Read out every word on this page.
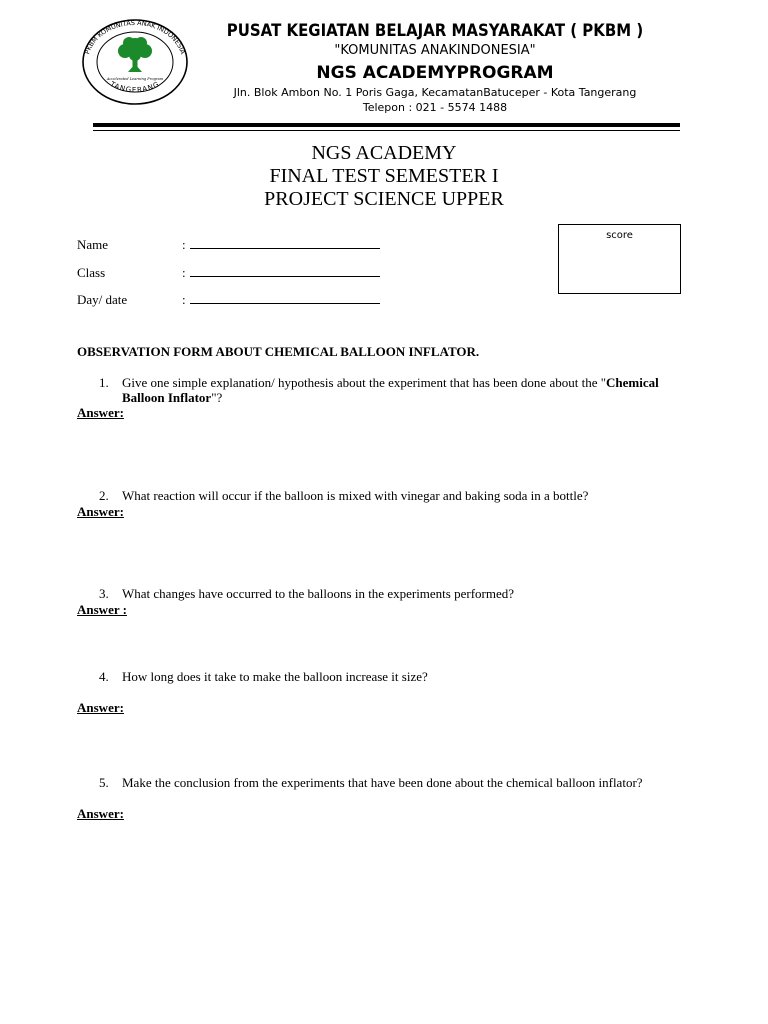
PKBM KOMUNITAS ANAK INDONESIA
TANGERANG
Accelerated Learning Program
PUSAT KEGIATAN BELAJAR MASYARAKAT ( PKBM )
"KOMUNITAS ANAKINDONESIA"
NGS ACADEMYPROGRAM
Jln. Blok Ambon No. 1 Poris Gaga, KecamatanBatuceper - Kota Tangerang
Telepon : 021 - 5574 1488
NGS ACADEMY
FINAL TEST SEMESTER I
PROJECT SCIENCE UPPER
Name	:
Class	:
Day/ date	:
score
OBSERVATION FORM ABOUT CHEMICAL BALLOON INFLATOR.
1. Give one simple explanation/ hypothesis about the experiment that has been done about the "Chemical Balloon Inflator"?
Answer:
2. What reaction will occur if the balloon is mixed with vinegar and baking soda in a bottle?
Answer:
3. What changes have occurred to the balloons in the experiments performed?
Answer :
4. How long does it take to make the balloon increase it size?
Answer:
5. Make the conclusion from the experiments that have been done about the chemical balloon inflator?
Answer:
